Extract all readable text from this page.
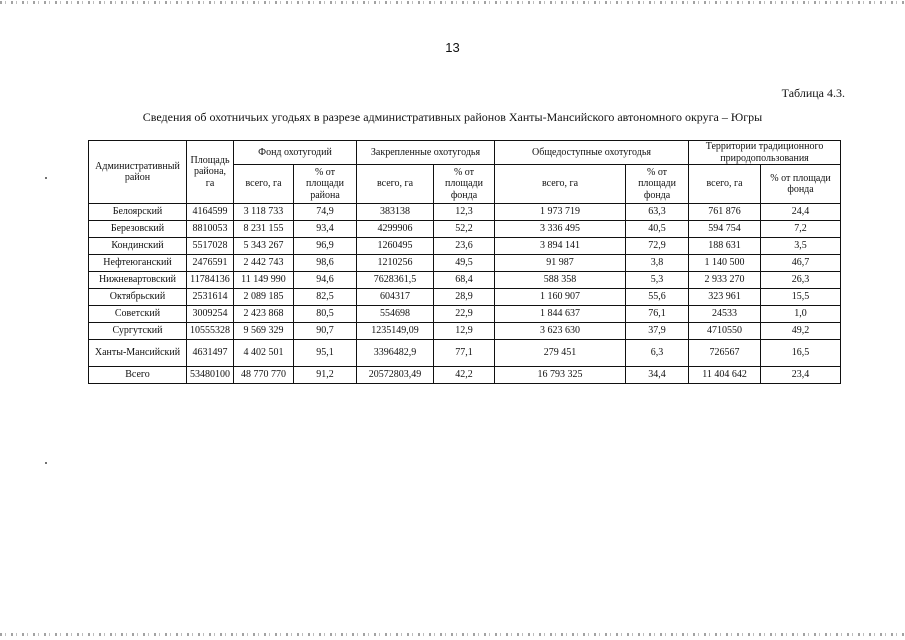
13
Таблица 4.3.
Сведения об охотничьих угодьях в разрезе административных районов Ханты-Мансийского автономного округа – Югры
Административный район	Площадь района, га	Фонд охотугодий		Закрепленные охотугодья		Общедоступные охотугодья		Территории традиционного природопользования	
		всего, га	% от площади района	всего, га	% от площади фонда	всего, га	% от площади фонда	всего, га	% от площади фонда
Белоярский	4164599	3 118 733	74,9	383138	12,3	1 973 719	63,3	761 876	24,4
Березовский	8810053	8 231 155	93,4	4299906	52,2	3 336 495	40,5	594 754	7,2
Кондинский	5517028	5 343 267	96,9	1260495	23,6	3 894 141	72,9	188 631	3,5
Нефтеюганский	2476591	2 442 743	98,6	1210256	49,5	91 987	3,8	1 140 500	46,7
Нижневартовский	11784136	11 149 990	94,6	7628361,5	68,4	588 358	5,3	2 933 270	26,3
Октябрьский	2531614	2 089 185	82,5	604317	28,9	1 160 907	55,6	323 961	15,5
Советский	3009254	2 423 868	80,5	554698	22,9	1 844 637	76,1	24533	1,0
Сургутский	10555328	9 569 329	90,7	1235149,09	12,9	3 623 630	37,9	4710550	49,2
Ханты-Мансийский	4631497	4 402 501	95,1	3396482,9	77,1	279 451	6,3	726567	16,5
Всего	53480100	48 770 770	91,2	20572803,49	42,2	16 793 325	34,4	11 404 642	23,4
